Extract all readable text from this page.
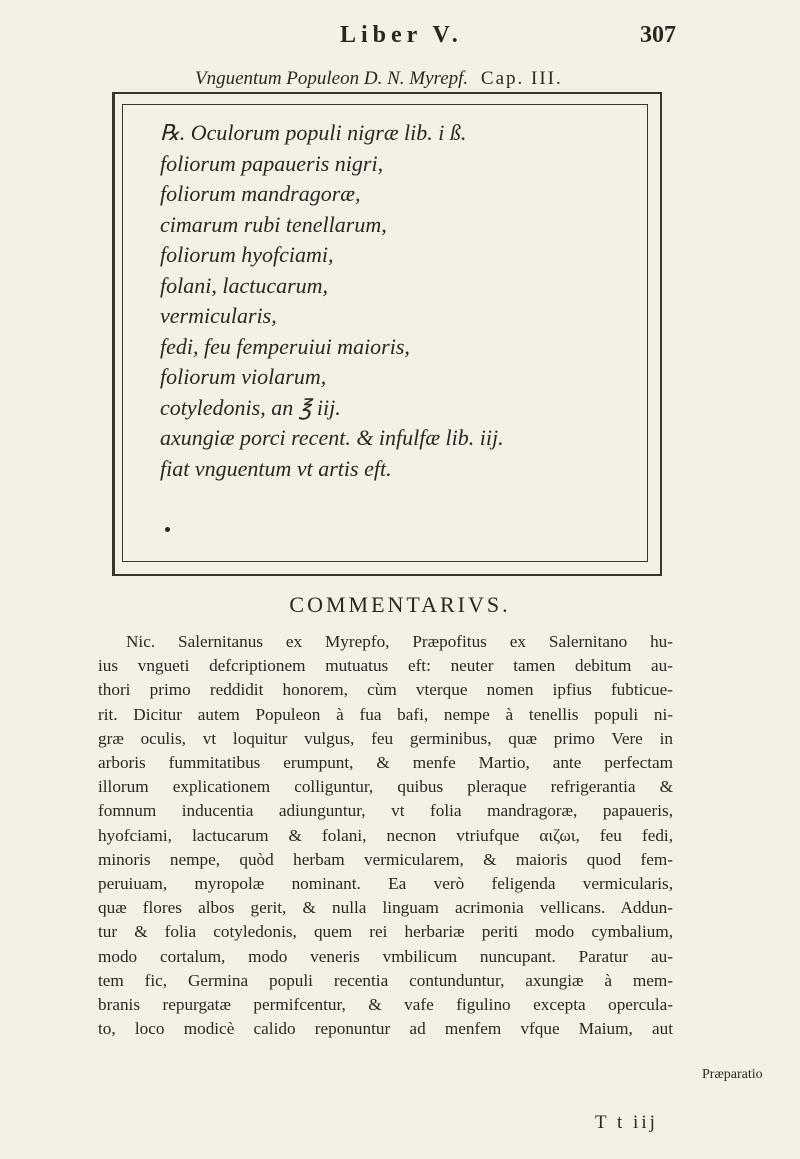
Liber V.	307
Vnguentum Populeon D. N. Myrepf. Cap. III.
℞. Oculorum populi nigræ lib. i ß.
foliorum papaueris nigri,
foliorum mandragoræ,
cimarum rubi tenellarum,
foliorum hyofciami,
folani, lactucarum,
vermicularis,
fedi, feu femperuiui maioris,
foliorum violarum,
cotyledonis, an ℥ iij.
axungiæ porci recent. & infulfæ lib. iij.
fiat vnguentum vt artis eft.
COMMENTARIVS.
Nic. Salernitanus ex Myrepfo, Præpofitus ex Salernitano hu-
ius vngueti defcriptionem mutuatus eft: neuter tamen debitum au-
thori primo reddidit honorem, cùm vterque nomen ipfius fubticue-
rit. Dicitur autem Populeon à fua bafi, nempe à tenellis populi ni-
græ oculis, vt loquitur vulgus, feu germinibus, quæ primo Vere in
arboris fummitatibus erumpunt, & menfe Martio, ante perfectam
illorum explicationem colliguntur, quibus pleraque refrigerantia &
fomnum inducentia adiunguntur, vt folia mandragoræ, papaueris,
hyofciami, lactucarum & folani, necnon vtriufque αιζωι, feu fedi,
minoris nempe, quòd herbam vermicularem, & maioris quod fem-
peruiuam, myropolæ nominant. Ea verò feligenda vermicularis,
quæ flores albos gerit, & nulla linguam acrimonia vellicans. Addun-
tur & folia cotyledonis, quem rei herbariæ periti modo cymbalium,
modo cortalum, modo veneris vmbilicum nuncupant. Paratur au-
tem fic, Germina populi recentia contunduntur, axungiæ à mem-
branis repurgatæ permifcentur, & vafe figulino excepta opercula-
to, loco modicè calido reponuntur ad menfem vfque Maium, aut
Præparatio
T t iij
